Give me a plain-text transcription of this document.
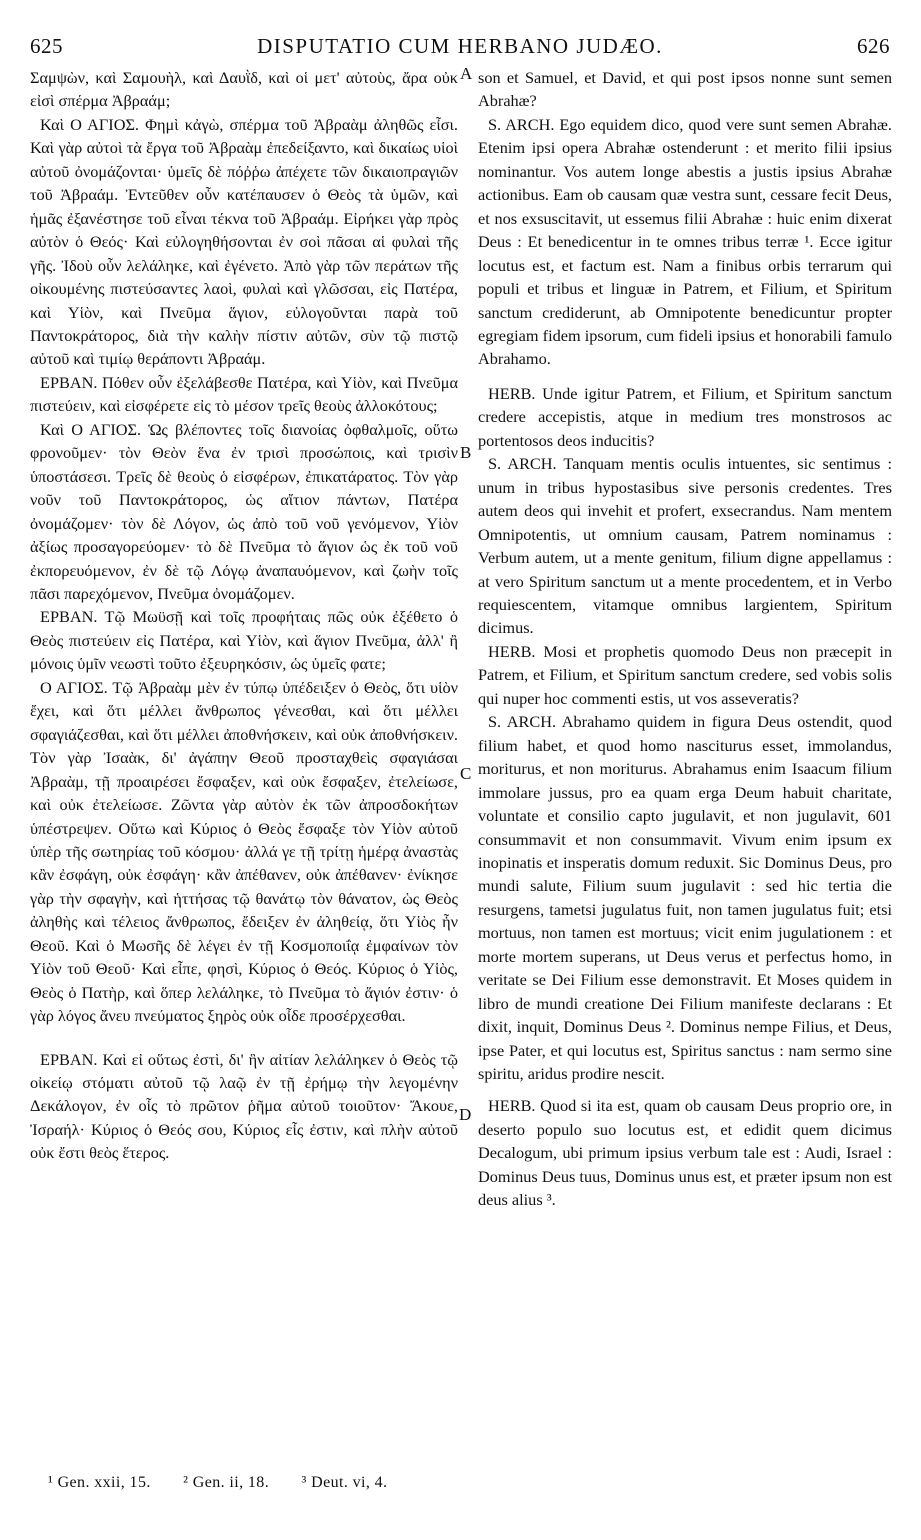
625	DISPUTATIO CUM HERBANO JUDÆO.	626

Σαμψὼν, καὶ Σαμουὴλ, καὶ Δαυῒδ, καὶ οἱ μετ' αὐτοὺς, ἄρα οὐκ εἰσὶ σπέρμα Ἀβραάμ;

Καὶ Ο ΑΓΙΟΣ. Φημὶ κἀγὼ, σπέρμα τοῦ Ἀβραὰμ ἀληθῶς εἶσι. Καὶ γὰρ αὐτοὶ τὰ ἔργα τοῦ Ἀβραὰμ ἐπεδείξαντο, καὶ δικαίως υἱοὶ αὐτοῦ ὀνομάζονται· ὑμεῖς δὲ πόῤῥω ἀπέχετε τῶν δικαιοπραγιῶν τοῦ Ἀβραάμ. Ἐντεῦθεν οὖν κατέπαυσεν ὁ Θεὸς τὰ ὑμῶν, καὶ ἡμᾶς ἐξανέστησε τοῦ εἶναι τέκνα τοῦ Ἀβραάμ. Εἰρήκει γὰρ πρὸς αὐτὸν ὁ Θεός· Καὶ εὐλογηθήσονται ἐν σοὶ πᾶσαι αἱ φυλαὶ τῆς γῆς. Ἰδοὺ οὖν λελάληκε, καὶ ἐγένετο. Ἀπὸ γὰρ τῶν περάτων τῆς οἰκουμένης πιστεύσαντες λαοὶ, φυλαὶ καὶ γλῶσσαι, εἰς Πατέρα, καὶ Υἱὸν, καὶ Πνεῦμα ἅγιον, εὐλογοῦνται παρὰ τοῦ Παντοκράτορος, διὰ τὴν καλὴν πίστιν αὐτῶν, σὺν τῷ πιστῷ αὐτοῦ καὶ τιμίῳ θεράποντι Ἀβραάμ.

ΕΡΒΑΝ. Πόθεν οὖν ἐξελάβεσθε Πατέρα, καὶ Υἱὸν, καὶ Πνεῦμα πιστεύειν, καὶ εἰσφέρετε εἰς τὸ μέσον τρεῖς θεοὺς ἀλλοκότους;

Καὶ Ο ΑΓΙΟΣ. Ὡς βλέποντες τοῖς διανοίας ὀφθαλμοῖς, οὕτω φρονοῦμεν· τὸν Θεὸν ἕνα ἐν τρισὶ προσώποις, καὶ τρισὶν ὑποστάσεσι. Τρεῖς δὲ θεοὺς ὁ εἰσφέρων, ἐπικατάρατος. Τὸν γὰρ νοῦν τοῦ Παντοκράτορος, ὡς αἴτιον πάντων, Πατέρα ὀνομάζομεν· τὸν δὲ Λόγον, ὡς ἀπὸ τοῦ νοῦ γενόμενον, Υἱὸν ἀξίως προσαγορεύομεν· τὸ δὲ Πνεῦμα τὸ ἅγιον ὡς ἐκ τοῦ νοῦ ἐκπορευόμενον, ἐν δὲ τῷ Λόγῳ ἀναπαυόμενον, καὶ ζωὴν τοῖς πᾶσι παρεχόμενον, Πνεῦμα ὀνομάζομεν.

ΕΡΒΑΝ. Τῷ Μωϋσῇ καὶ τοῖς προφήταις πῶς οὐκ ἐξέθετο ὁ Θεὸς πιστεύειν εἰς Πατέρα, καὶ Υἱὸν, καὶ ἅγιον Πνεῦμα, ἀλλ' ἢ μόνοις ὑμῖν νεωστὶ τοῦτο ἐξευρηκόσιν, ὡς ὑμεῖς φατε;

Ο ΑΓΙΟΣ. Τῷ Ἀβραὰμ μὲν ἐν τύπῳ ὑπέδειξεν ὁ Θεὸς, ὅτι υἱὸν ἔχει, καὶ ὅτι μέλλει ἄνθρωπος γένεσθαι, καὶ ὅτι μέλλει σφαγιάζεσθαι, καὶ ὅτι μέλλει ἀποθνήσκειν, καὶ οὐκ ἀποθνήσκειν. Τὸν γὰρ Ἰσαὰκ, δι' ἀγάπην Θεοῦ προσταχθεὶς σφαγιάσαι Ἀβραὰμ, τῇ προαιρέσει ἔσφαξεν, καὶ οὐκ ἔσφαξεν, ἐτελείωσε, καὶ οὐκ ἐτελείωσε. Ζῶντα γὰρ αὐτὸν ἐκ τῶν ἀπροσδοκήτων ὑπέστρεψεν. Οὕτω καὶ Κύριος ὁ Θεὸς ἔσφαξε τὸν Υἱὸν αὐτοῦ ὑπὲρ τῆς σωτηρίας τοῦ κόσμου· ἀλλά γε τῇ τρίτῃ ἡμέρᾳ ἀναστὰς κἂν ἐσφάγη, οὐκ ἐσφάγη· κἂν ἀπέθανεν, οὐκ ἀπέθανεν· ἐνίκησε γὰρ τὴν σφαγὴν, καὶ ἡττήσας τῷ θανάτῳ τὸν θάνατον, ὡς Θεὸς ἀληθὴς καὶ τέλειος ἄνθρωπος, ἔδειξεν ἐν ἀληθείᾳ, ὅτι Υἱὸς ἦν Θεοῦ. Καὶ ὁ Μωσῆς δὲ λέγει ἐν τῇ Κοσμοποιΐᾳ ἐμφαίνων τὸν Υἱὸν τοῦ Θεοῦ· Καὶ εἶπε, φησὶ, Κύριος ὁ Θεός. Κύριος ὁ Υἱὸς, Θεὸς ὁ Πατὴρ, καὶ ὅπερ λελάληκε, τὸ Πνεῦμα τὸ ἅγιόν ἐστιν· ὁ γὰρ λόγος ἄνευ πνεύματος ξηρὸς οὐκ οἶδε προσέρχεσθαι.

ΕΡΒΑΝ. Καὶ εἰ οὕτως ἐστὶ, δι' ἣν αἰτίαν λελάληκεν ὁ Θεὸς τῷ οἰκείῳ στόματι αὐτοῦ τῷ λαῷ ἐν τῇ ἐρήμῳ τὴν λεγομένην Δεκάλογον, ἐν οἷς τὸ πρῶτον ῥῆμα αὐτοῦ τοιοῦτον· Ἄκουε, Ἰσραήλ· Κύριος ὁ Θεός σου, Κύριος εἷς ἐστιν, καὶ πλὴν αὐτοῦ οὐκ ἔστι θεὸς ἕτερος.

son et Samuel, et David, et qui post ipsos nonne sunt semen Abrahæ?

S. ARCH. Ego equidem dico, quod vere sunt semen Abrahæ. Etenim ipsi opera Abrahæ ostenderunt : et merito filii ipsius nominantur. Vos autem longe abestis a justis ipsius Abrahæ actionibus. Eam ob causam quæ vestra sunt, cessare fecit Deus, et nos exsuscitavit, ut essemus filii Abrahæ : huic enim dixerat Deus : Et benedicentur in te omnes tribus terræ ¹. Ecce igitur locutus est, et factum est. Nam a finibus orbis terrarum qui populi et tribus et linguæ in Patrem, et Filium, et Spiritum sanctum crediderunt, ab Omnipotente benedicuntur propter egregiam fidem ipsorum, cum fideli ipsius et honorabili famulo Abrahamo.

HERB. Unde igitur Patrem, et Filium, et Spiritum sanctum credere accepistis, atque in medium tres monstrosos ac portentosos deos inducitis?

S. ARCH. Tanquam mentis oculis intuentes, sic sentimus : unum in tribus hypostasibus sive personis credentes. Tres autem deos qui invehit et profert, exsecrandus. Nam mentem Omnipotentis, ut omnium causam, Patrem nominamus : Verbum autem, ut a mente genitum, filium digne appellamus : at vero Spiritum sanctum ut a mente procedentem, et in Verbo requiescentem, vitamque omnibus largientem, Spiritum dicimus.

HERB. Mosi et prophetis quomodo Deus non præcepit in Patrem, et Filium, et Spiritum sanctum credere, sed vobis solis qui nuper hoc commenti estis, ut vos asseveratis?

S. ARCH. Abrahamo quidem in figura Deus ostendit, quod filium habet, et quod homo nasciturus esset, immolandus, moriturus, et non moriturus. Abrahamus enim Isaacum filium immolare jussus, pro ea quam erga Deum habuit charitate, voluntate et consilio capto jugulavit, et non jugulavit, 601 consummavit et non consummavit. Vivum enim ipsum ex inopinatis et insperatis domum reduxit. Sic Dominus Deus, pro mundi salute, Filium suum jugulavit : sed hic tertia die resurgens, tametsi jugulatus fuit, non tamen jugulatus fuit; etsi mortuus, non tamen est mortuus; vicit enim jugulationem : et morte mortem superans, ut Deus verus et perfectus homo, in veritate se Dei Filium esse demonstravit. Et Moses quidem in libro de mundi creatione Dei Filium manifeste declarans : Et dixit, inquit, Dominus Deus ². Dominus nempe Filius, et Deus, ipse Pater, et qui locutus est, Spiritus sanctus : nam sermo sine spiritu, aridus prodire nescit.

HERB. Quod si ita est, quam ob causam Deus proprio ore, in deserto populo suo locutus est, et edidit quem dicimus Decalogum, ubi primum ipsius verbum tale est : Audi, Israel : Dominus Deus tuus, Dominus unus est, et præter ipsum non est deus alius ³.

A
B
C
D
¹ Gen. xxii, 15. ² Gen. ii, 18. ³ Deut. vi, 4.
